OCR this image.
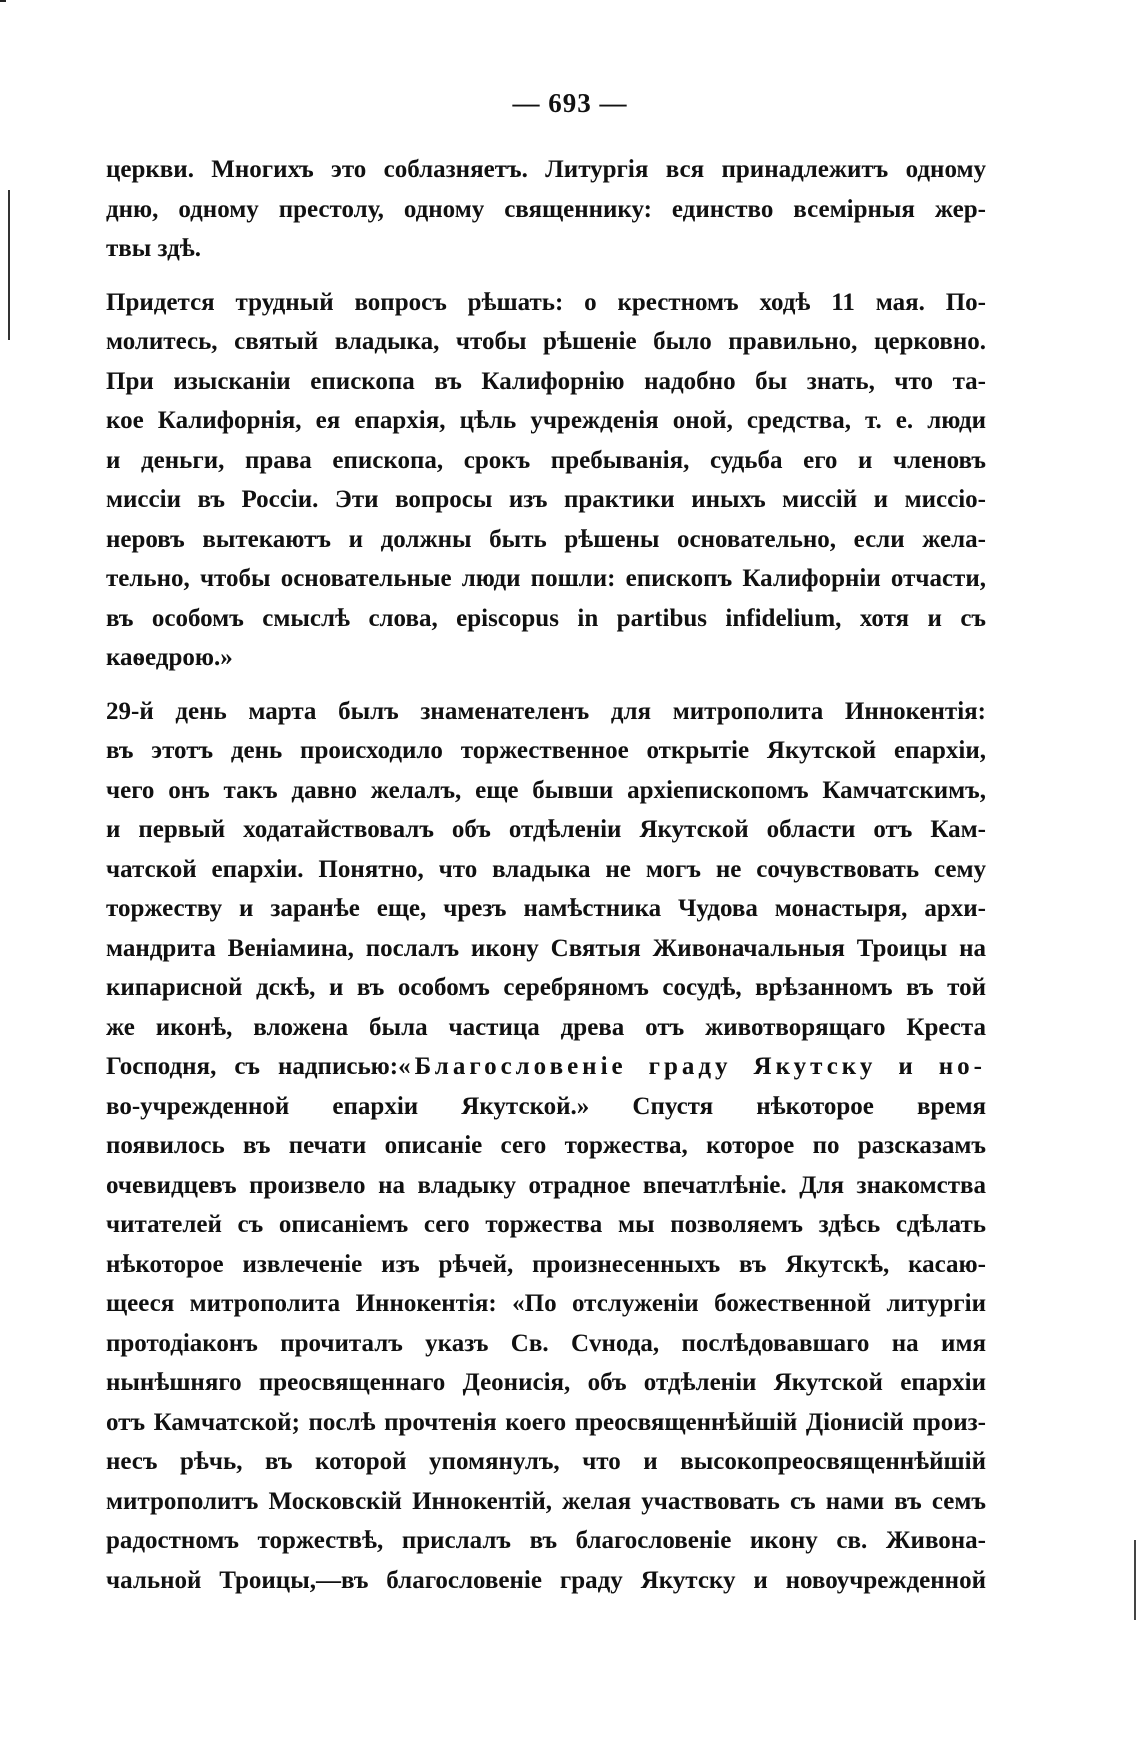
— 693 —
церкви. Многихъ это соблазняетъ. Литургія вся принадлежитъ одному
дню, одному престолу, одному священнику: единство всемірныя жер-
твы здѣ.
Придется трудный вопросъ рѣшать: о крестномъ ходѣ 11 мая. По-
молитесь, святый владыка, чтобы рѣшеніе было правильно, церковно.
При изысканіи епископа въ Калифорнію надобно бы знать, что та-
кое Калифорнія, ея епархія, цѣль учрежденія оной, средства, т. е. люди
и деньги, права епископа, срокъ пребыванія, судьба его и членовъ
миссіи въ Россіи. Эти вопросы изъ практики иныхъ миссій и миссіо-
неровъ вытекаютъ и должны быть рѣшены основательно, если жела-
тельно, чтобы основательные люди пошли: епископъ Калифорніи отчасти,
въ особомъ смыслѣ слова, episcopus in partibus infidelium, хотя и съ
каѳедрою.»
29-й день марта былъ знаменателенъ для митрополита Иннокентія:
въ этотъ день происходило торжественное открытіе Якутской епархіи,
чего онъ такъ давно желалъ, еще бывши архіепископомъ Камчатскимъ,
и первый ходатайствовалъ объ отдѣленіи Якутской области отъ Кам-
чатской епархіи. Понятно, что владыка не могъ не сочувствовать сему
торжеству и заранѣе еще, чрезъ намѣстника Чудова монастыря, архи-
мандрита Веніамина, послалъ икону Святыя Живоначальныя Троицы на
кипарисной дскѣ, и въ особомъ серебряномъ сосудѣ, врѣзанномъ въ той
же иконѣ, вложена была частица древа отъ животворящаго Креста
Господня, съ надписью:«Благословеніе граду Якутску и но-
во-учрежденной епархіи Якутской.» Спустя нѣкоторое время
появилось въ печати описаніе сего торжества, которое по разсказамъ
очевидцевъ произвело на владыку отрадное впечатлѣніе. Для знакомства
читателей съ описаніемъ сего торжества мы позволяемъ здѣсь сдѣлать
нѣкоторое извлеченіе изъ рѣчей, произнесенныхъ въ Якутскѣ, касаю-
щееся митрополита Иннокентія: «По отслуженіи божественной литургіи
протодіаконъ прочиталъ указъ Св. Сvнода, послѣдовавшаго на имя
нынѣшняго преосвященнаго Деонисія, объ отдѣленіи Якутской епархіи
отъ Камчатской; послѣ прочтенія коего преосвященнѣйшій Діонисій произ-
несъ рѣчь, въ которой упомянулъ, что и высокопреосвященнѣйшій
митрополитъ Московскій Иннокентій, желая участвовать съ нами въ семъ
радостномъ торжествѣ, прислалъ въ благословеніе икону св. Живона-
чальной Троицы,—въ благословеніе граду Якутску и новоучрежденной
